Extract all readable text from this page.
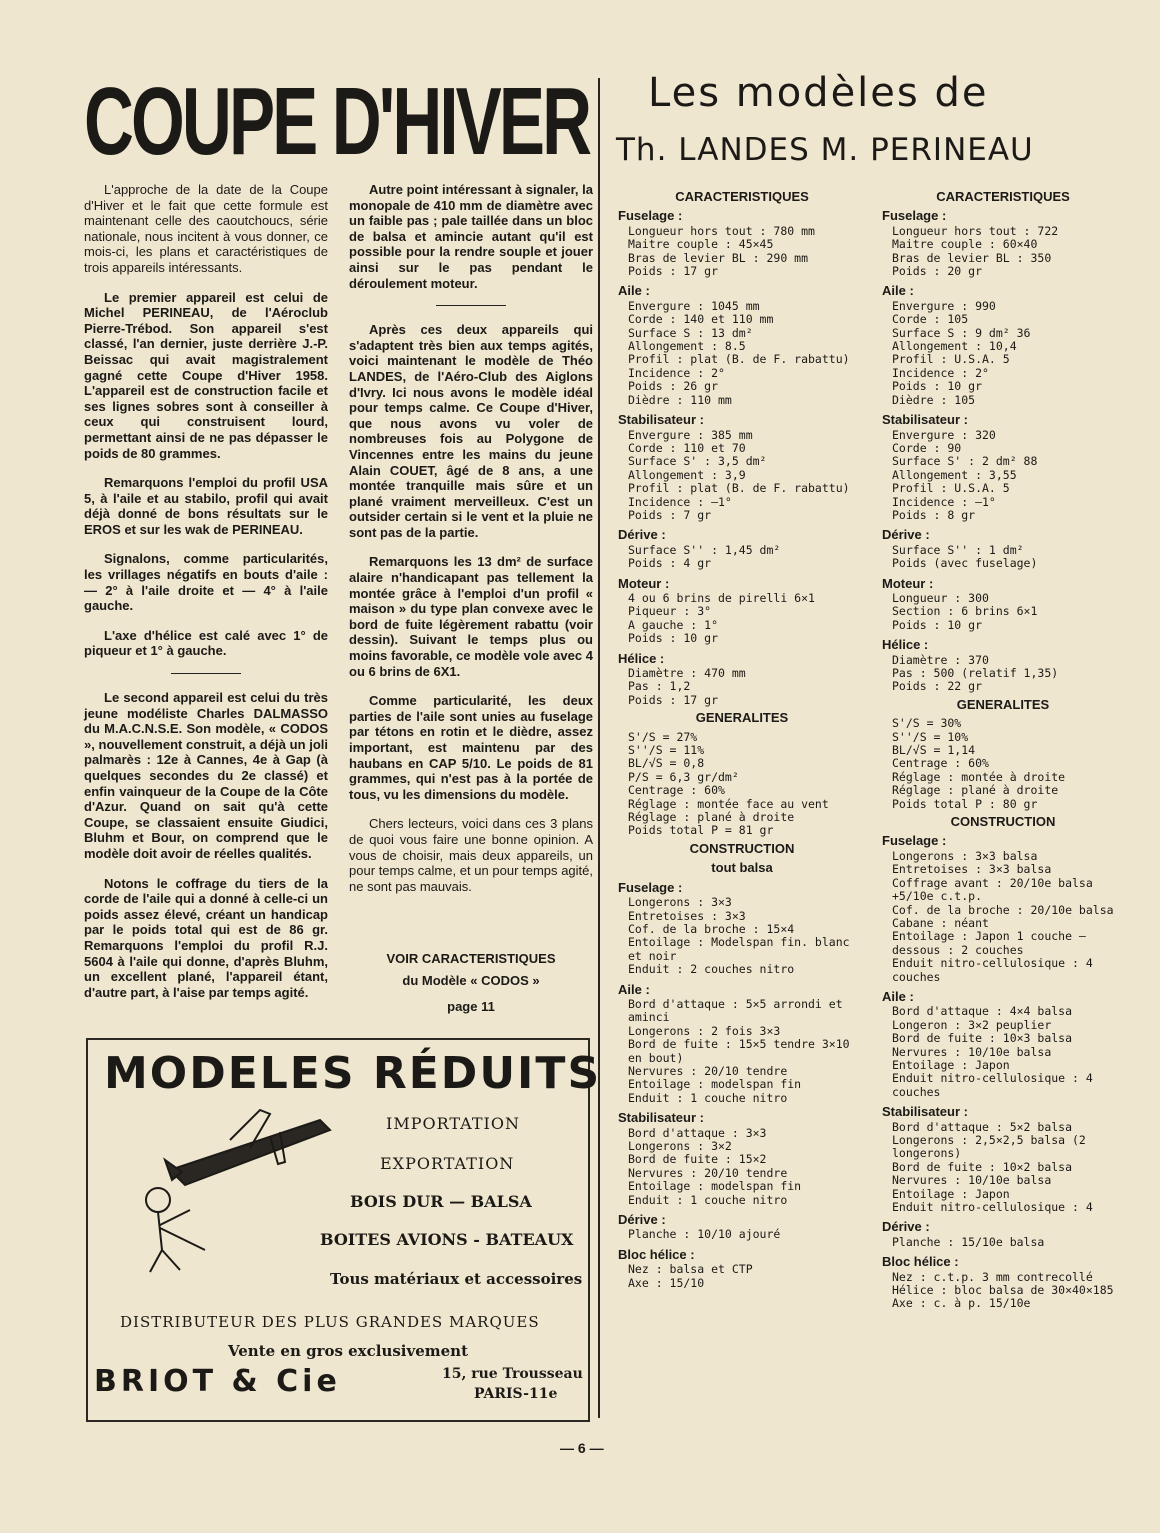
COUPE D'HIVER	Les modèles de
Th. LANDES M. PERINEAU

L'approche de la date de la Coupe d'Hiver et le fait que cette formule est maintenant celle des caoutchoucs, série nationale, nous incitent à vous donner, ce mois-ci, les plans et caractéristiques de trois appareils intéressants.

Le premier appareil est celui de Michel PERINEAU, de l'Aéroclub Pierre-Trébod. Son appareil s'est classé, l'an dernier, juste derrière J.-P. Beissac qui avait magistralement gagné cette Coupe d'Hiver 1958. L'appareil est de construction facile et ses lignes sobres sont à conseiller à ceux qui construisent lourd, permettant ainsi de ne pas dépasser le poids de 80 grammes.

Remarquons l'emploi du profil USA 5, à l'aile et au stabilo, profil qui avait déjà donné de bons résultats sur le EROS et sur les wak de PERINEAU.

Signalons, comme particularités, les vrillages négatifs en bouts d'aile : — 2° à l'aile droite et — 4° à l'aile gauche.

L'axe d'hélice est calé avec 1° de piqueur et 1° à gauche.

Le second appareil est celui du très jeune modéliste Charles DALMASSO du M.A.C.N.S.E. Son modèle, « CODOS », nouvellement construit, a déjà un joli palmarès : 12e à Cannes, 4e à Gap (à quelques secondes du 2e classé) et enfin vainqueur de la Coupe de la Côte d'Azur. Quand on sait qu'à cette Coupe, se classaient ensuite Giudici, Bluhm et Bour, on comprend que le modèle doit avoir de réelles qualités.

Notons le coffrage du tiers de la corde de l'aile qui a donné à celle-ci un poids assez élevé, créant un handicap par le poids total qui est de 86 gr. Remarquons l'emploi du profil R.J. 5604 à l'aile qui donne, d'après Bluhm, un excellent plané, l'appareil étant, d'autre part, à l'aise par temps agité.

Autre point intéressant à signaler, la monopale de 410 mm de diamètre avec un faible pas ; pale taillée dans un bloc de balsa et amincie autant qu'il est possible pour la rendre souple et jouer ainsi sur le pas pendant le déroulement moteur.

Après ces deux appareils qui s'adaptent très bien aux temps agités, voici maintenant le modèle de Théo LANDES, de l'Aéro-Club des Aiglons d'Ivry. Ici nous avons le modèle idéal pour temps calme. Ce Coupe d'Hiver, que nous avons vu voler de nombreuses fois au Polygone de Vincennes entre les mains du jeune Alain COUET, âgé de 8 ans, a une montée tranquille mais sûre et un plané vraiment merveilleux. C'est un outsider certain si le vent et la pluie ne sont pas de la partie.

Remarquons les 13 dm² de surface alaire n'handicapant pas tellement la montée grâce à l'emploi d'un profil « maison » du type plan convexe avec le bord de fuite légèrement rabattu (voir dessin). Suivant le temps plus ou moins favorable, ce modèle vole avec 4 ou 6 brins de 6X1.

Comme particularité, les deux parties de l'aile sont unies au fuselage par tétons en rotin et le dièdre, assez important, est maintenu par des haubans en CAP 5/10. Le poids de 81 grammes, qui n'est pas à la portée de tous, vu les dimensions du modèle.

Chers lecteurs, voici dans ces 3 plans de quoi vous faire une bonne opinion. A vous de choisir, mais deux appareils, un pour temps calme, et un pour temps agité, ne sont pas mauvais.

VOIR CARACTERISTIQUES
du Modèle « CODOS »
page 11
MODELES RÉDUITS
IMPORTATION
EXPORTATION
BOIS DUR — BALSA
BOITES AVIONS - BATEAUX
Tous matériaux et accessoires
DISTRIBUTEUR DES PLUS GRANDES MARQUES
Vente en gros exclusivement
BRIOT & Cie	15, rue Trousseau
PARIS-11e
CARACTERISTIQUES
Fuselage :
Longueur hors tout : 780 mm
Maitre couple : 45×45
Bras de levier BL : 290 mm
Poids : 17 gr
Aile :
Envergure : 1045 mm
Corde : 140 et 110 mm
Surface S : 13 dm²
Allongement : 8.5
Profil : plat (B. de F. rabattu)
Incidence : 2°
Poids : 26 gr
Dièdre : 110 mm
Stabilisateur :
Envergure : 385 mm
Corde : 110 et 70
Surface S' : 3,5 dm²
Allongement : 3,9
Profil : plat (B. de F. rabattu)
Incidence : —1°
Poids : 7 gr
Dérive :
Surface S'' : 1,45 dm²
Poids : 4 gr
Moteur :
4 ou 6 brins de pirelli 6×1
Piqueur : 3°
A gauche : 1°
Poids : 10 gr
Hélice :
Diamètre : 470 mm
Pas : 1,2
Poids : 17 gr
GENERALITES
S'/S = 27%
S''/S = 11%
BL/√S = 0,8
P/S = 6,3 gr/dm²
Centrage : 60%
Réglage : montée face au vent
Réglage : plané à droite
Poids total P = 81 gr
CONSTRUCTION
tout balsa
Fuselage :
Longerons : 3×3
Entretoises : 3×3
Cof. de la broche : 15×4
Entoilage : Modelspan fin. blanc et noir
Enduit : 2 couches nitro
Aile :
Bord d'attaque : 5×5 arrondi et aminci
Longerons : 2 fois 3×3
Bord de fuite : 15×5 tendre 3×10 en bout)
Nervures : 20/10 tendre
Entoilage : modelspan fin
Enduit : 1 couche nitro
Stabilisateur :
Bord d'attaque : 3×3
Longerons : 3×2
Bord de fuite : 15×2
Nervures : 20/10 tendre
Entoilage : modelspan fin
Enduit : 1 couche nitro
Dérive :
Planche : 10/10 ajouré
Bloc hélice :
Nez : balsa et CTP
Axe : 15/10
CARACTERISTIQUES
Fuselage :
Longueur hors tout : 722
Maitre couple : 60×40
Bras de levier BL : 350
Poids : 20 gr
Aile :
Envergure : 990
Corde : 105
Surface S : 9 dm² 36
Allongement : 10,4
Profil : U.S.A. 5
Incidence : 2°
Poids : 10 gr
Dièdre : 105
Stabilisateur :
Envergure : 320
Corde : 90
Surface S' : 2 dm² 88
Allongement : 3,55
Profil : U.S.A. 5
Incidence : —1°
Poids : 8 gr
Dérive :
Surface S'' : 1 dm²
Poids (avec fuselage)
Moteur :
Longueur : 300
Section : 6 brins 6×1
Poids : 10 gr
Hélice :
Diamètre : 370
Pas : 500 (relatif 1,35)
Poids : 22 gr
GENERALITES
S'/S = 30%
S''/S = 10%
BL/√S = 1,14
Centrage : 60%
Réglage : montée à droite
Réglage : plané à droite
Poids total P : 80 gr
CONSTRUCTION
Fuselage :
Longerons : 3×3 balsa
Entretoises : 3×3 balsa
Coffrage avant : 20/10e balsa +5/10e c.t.p.
Cof. de la broche : 20/10e balsa
Cabane : néant
Entoilage : Japon 1 couche — dessous : 2 couches
Enduit nitro-cellulosique : 4 couches
Aile :
Bord d'attaque : 4×4 balsa
Longeron : 3×2 peuplier
Bord de fuite : 10×3 balsa
Nervures : 10/10e balsa
Entoilage : Japon
Enduit nitro-cellulosique : 4 couches
Stabilisateur :
Bord d'attaque : 5×2 balsa
Longerons : 2,5×2,5 balsa (2 longerons)
Bord de fuite : 10×2 balsa
Nervures : 10/10e balsa
Entoilage : Japon
Enduit nitro-cellulosique : 4
Dérive :
Planche : 15/10e balsa
Bloc hélice :
Nez : c.t.p. 3 mm contrecollé
Hélice : bloc balsa de 30×40×185
Axe : c. à p. 15/10e
— 6 —
